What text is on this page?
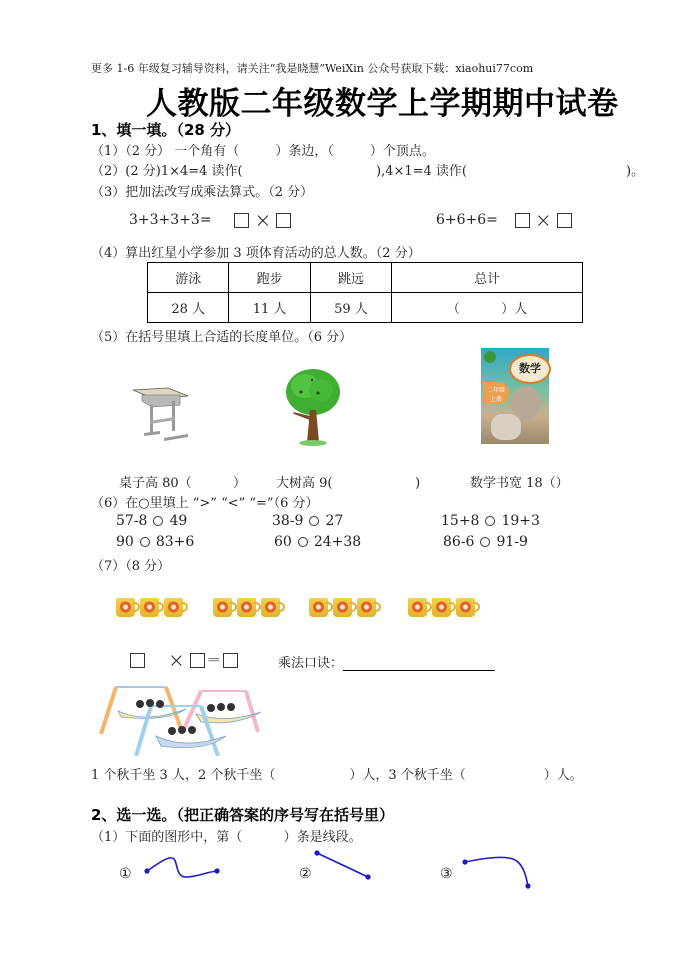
更多 1-6 年级复习辅导资料，请关注“我是晓慧”WeiXin 公众号获取下载：xiaohui77com
人教版二年级数学上学期期中试卷
1、填一填。（28 分）
（1）（2 分） 一个角有（	）条边，（	）个顶点。
（2）(2 分)1×4=4 读作(	),4×1=4 读作(	)。
（3）把加法改写成乘法算式。（2 分）
3+3+3+3= ×	6+6+6= ×
（4）算出红星小学参加 3 项体育活动的总人数。（2 分）
游泳	跑步	跳远	总计
28 人	11 人	59 人	（          ）人
（5）在括号里填上合适的长度单位。（6 分）
数学
二年级
上册
桌子高 80（          ） 大树高 9(                    )	数学书宽 18（）
（6）在○里填上 “>” “<” “=”（6 分）
57-8 49	38-9 27	15+8 19+3
90 83+6	60 24+38	86-6 91-9
（7）（8 分）
× =	乘法口诀：
1 个秋千坐 3 人，2 个秋千坐（	）人，3 个秋千坐（	）人。
2、选一选。（把正确答案的序号写在括号里）
（1）下面的图形中，第（          ）条是线段。
①	②	③
